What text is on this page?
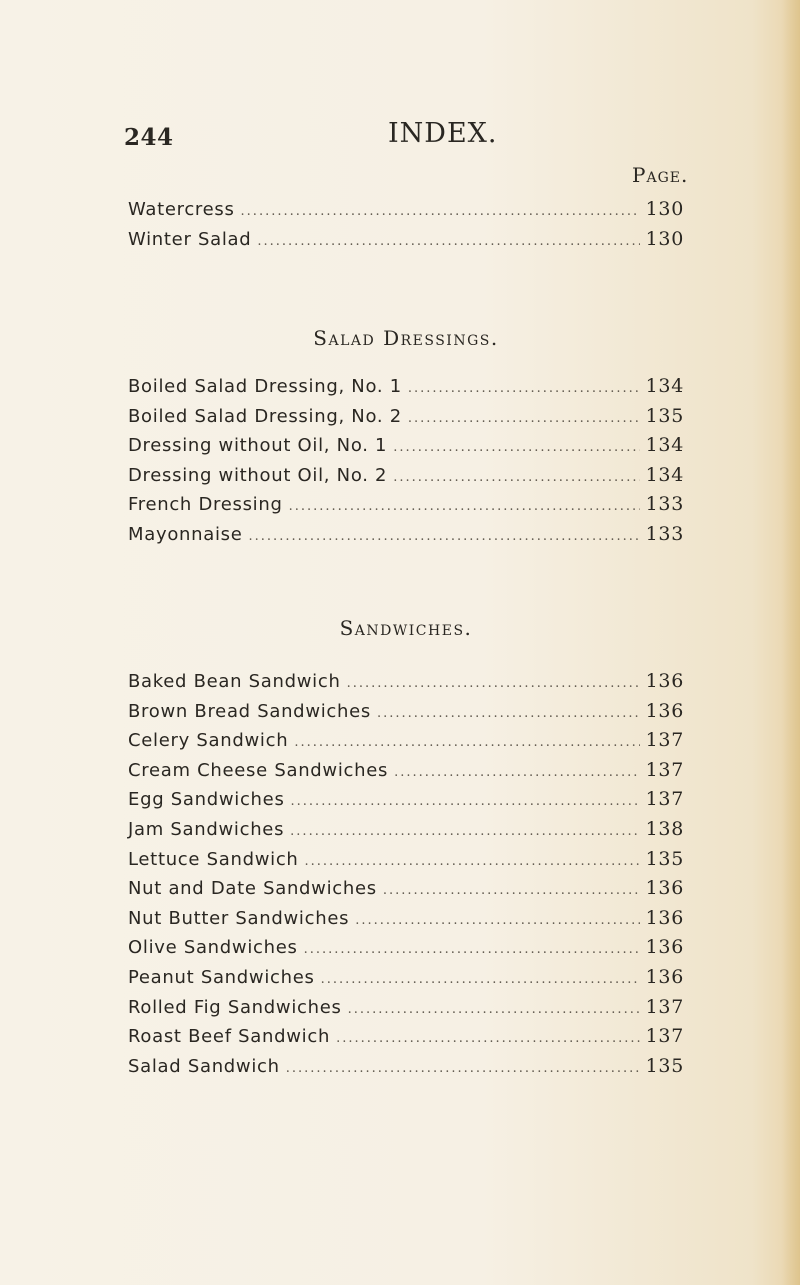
244	INDEX.
Page.
Watercress .....	130
Winter Salad .....	130
Salad Dressings.
Boiled Salad Dressing, No. 1 .....	134
Boiled Salad Dressing, No. 2 .....	135
Dressing without Oil, No. 1 .....	134
Dressing without Oil, No. 2 .....	134
French Dressing .....	133
Mayonnaise .....	133
Sandwiches.
Baked Bean Sandwich .....	136
Brown Bread Sandwiches .....	136
Celery Sandwich .....	137
Cream Cheese Sandwiches .....	137
Egg Sandwiches .....	137
Jam Sandwiches .....	138
Lettuce Sandwich .....	135
Nut and Date Sandwiches .....	136
Nut Butter Sandwiches .....	136
Olive Sandwiches .....	136
Peanut Sandwiches .....	136
Rolled Fig Sandwiches .....	137
Roast Beef Sandwich .....	137
Salad Sandwich .....	135
